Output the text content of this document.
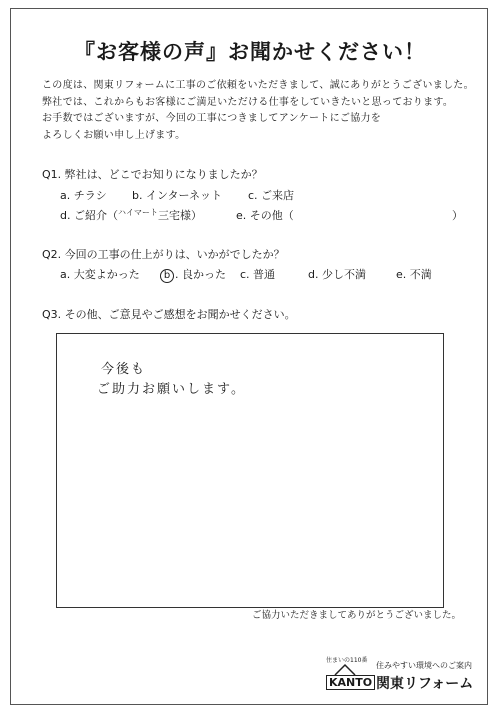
『お客様の声』お聞かせください！
この度は、関東リフォームに工事のご依頼をいただきまして、誠にありがとうございました。
弊社では、これからもお客様にご満足いただける仕事をしていきたいと思っております。
お手数ではございますが、今回の工事につきましてアンケートにご協力を
よろしくお願い申し上げます。
Q1. 弊社は、どこでお知りになりましたか？
a. チラシ b. インターネット c. ご来店
d. ご紹介（$^{ハイマート}$三宅様）	e. その他（	）
Q2. 今回の工事の仕上がりは、いかがでしたか？
a. 大変よかった	b . 良かった c. 普通	d. 少し不満	e. 不満
Q3. その他、ご意見やご感想をお聞かせください。
今後も
ご助力お願いします。
ご協力いただきましてありがとうございました。
住まいの110番
KANTO
住みやすい環境へのご案内
関東リフォーム
